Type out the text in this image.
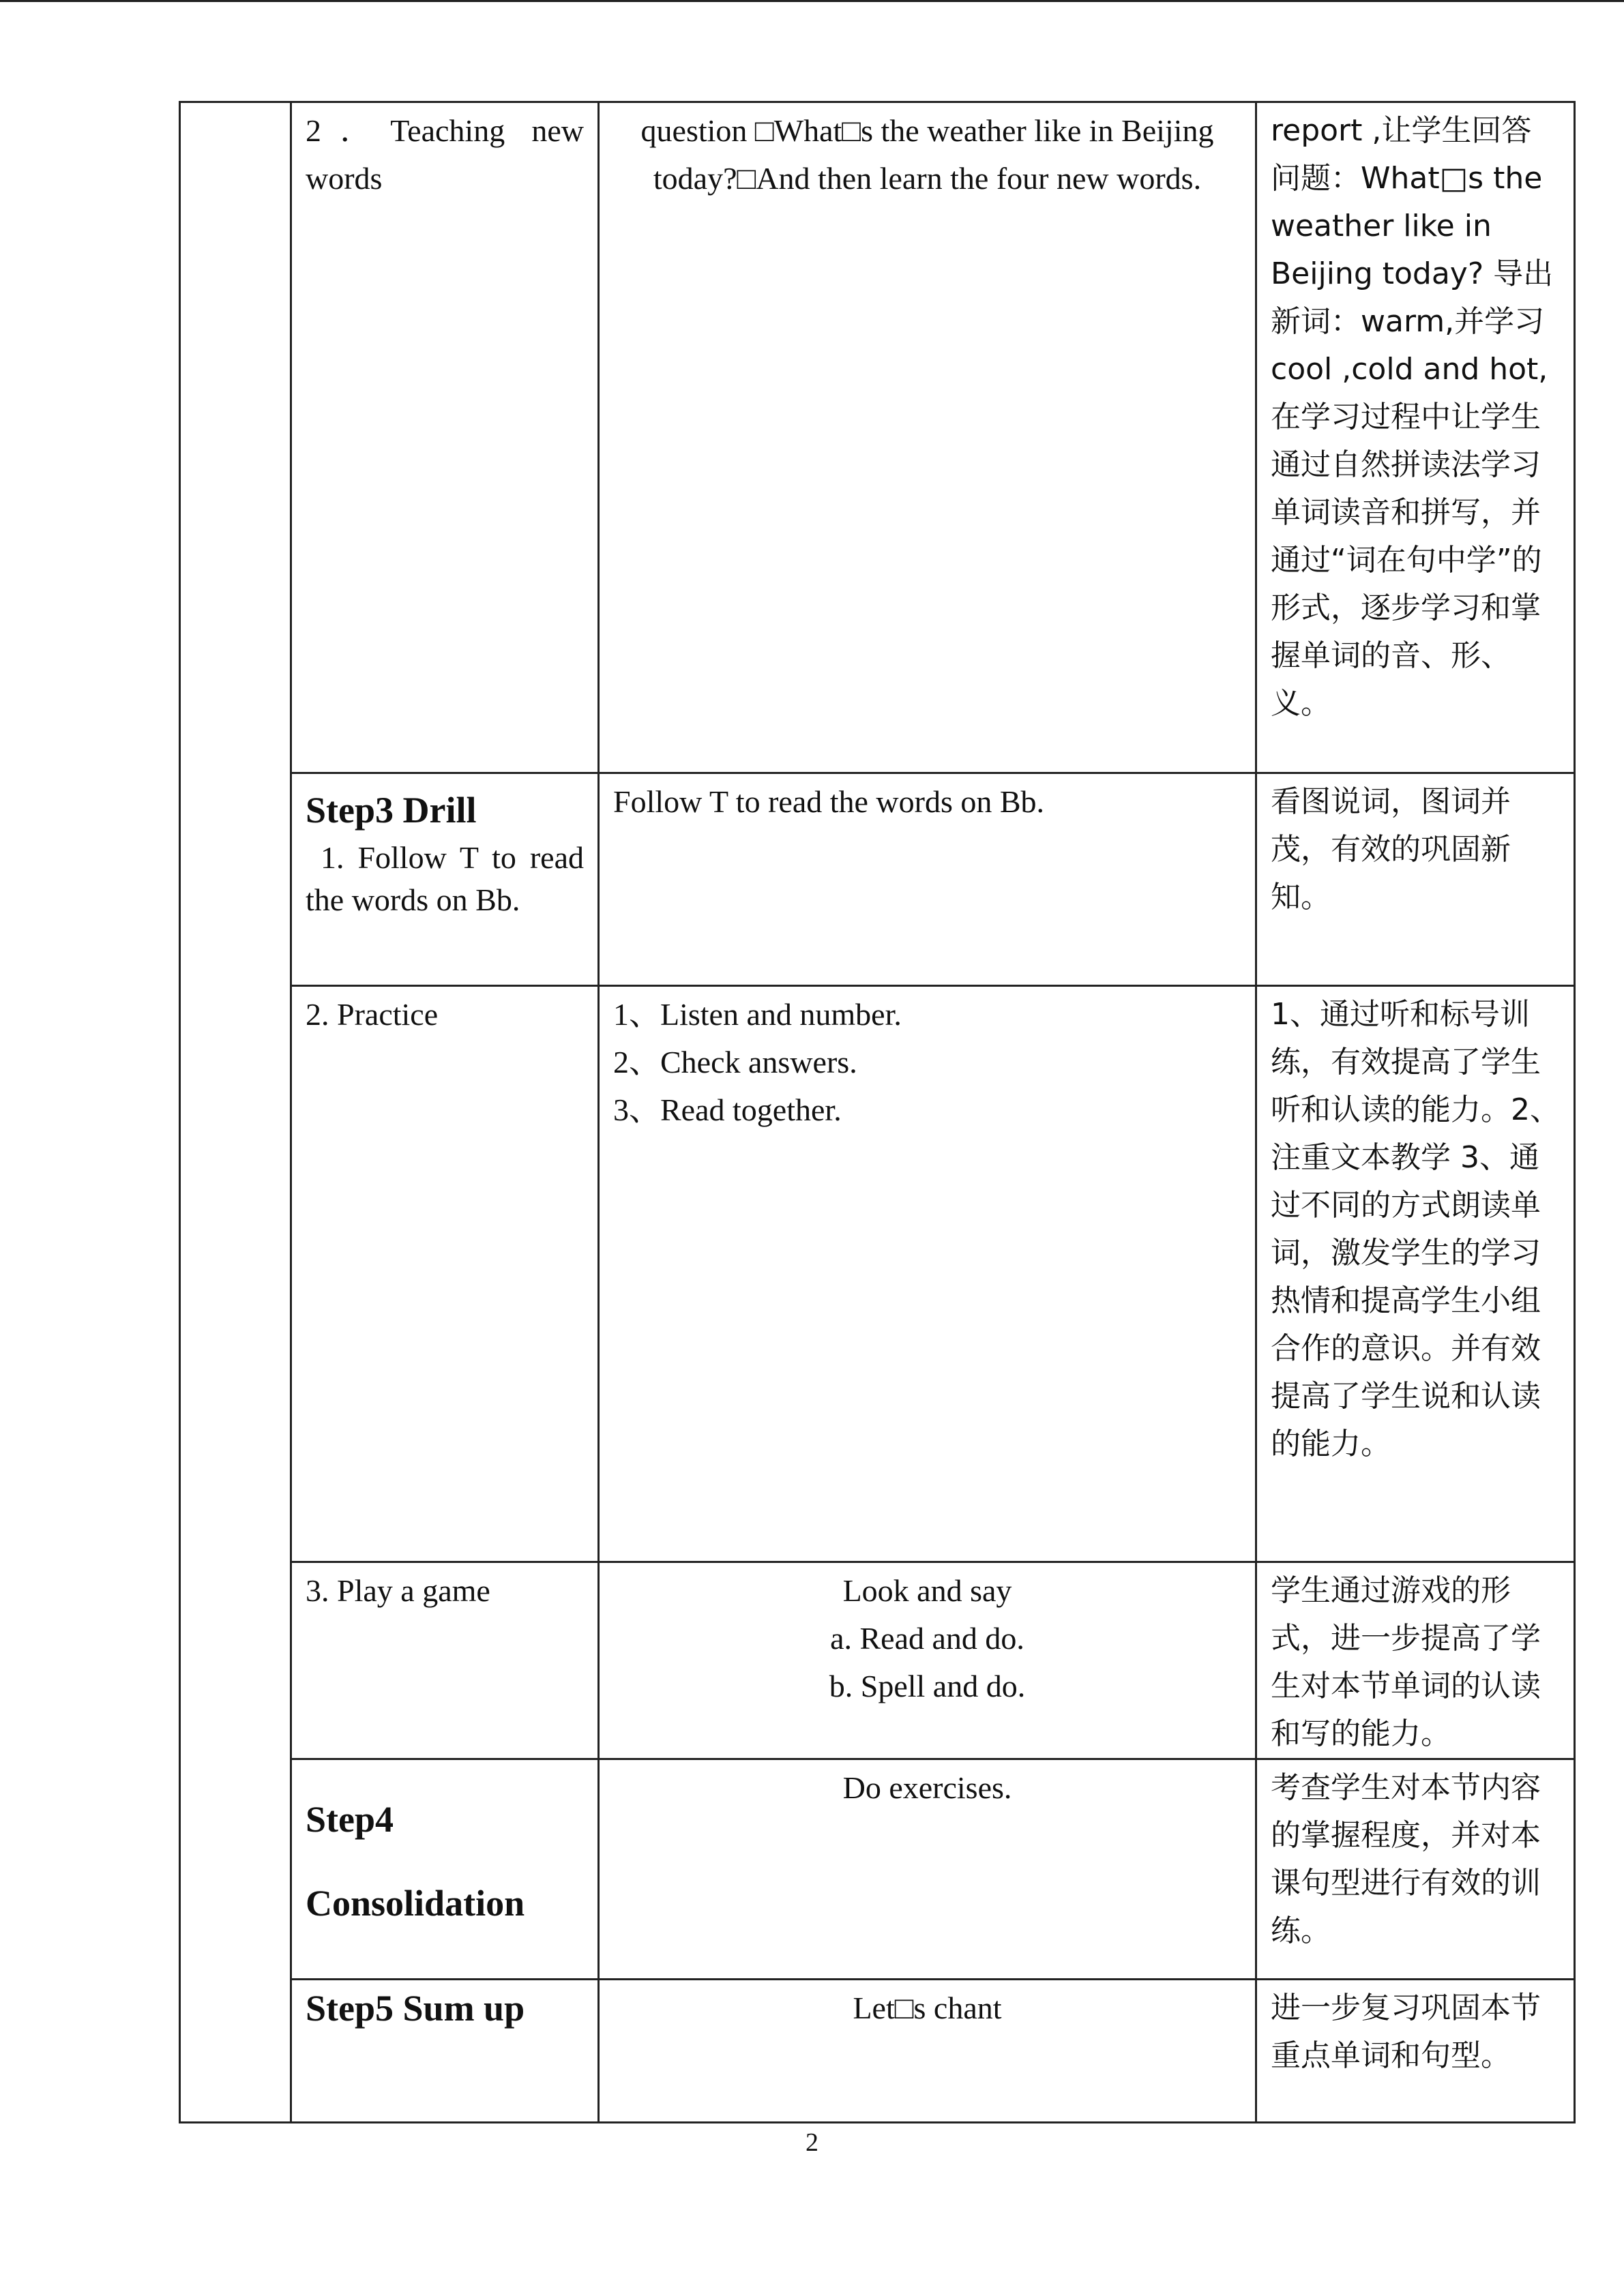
	2．Teaching new words	question □What□s the weather like in Beijing today?□And then learn the four new words.	report ,让学生回答问题：What□s the weather like in Beijing today? 导出新词：warm,并学习 cool ,cold and hot,在学习过程中让学生通过自然拼读法学习单词读音和拼写，并通过“词在句中学”的形式，逐步学习和掌握单词的音、形、义。

	Step3 Drill
1. Follow T to read the words on Bb.	Follow T to read the words on Bb.	看图说词，图词并茂，有效的巩固新知。

	2. Practice	1、Listen and number.
2、Check answers.
3、Read together.	1、通过听和标号训练，有效提高了学生听和认读的能力。2、注重文本教学 3、通过不同的方式朗读单词，激发学生的学习热情和提高学生小组合作的意识。并有效提高了学生说和认读的能力。

	3. Play a game	Look and say
a. Read and do.
b. Spell and do.	学生通过游戏的形式，进一步提高了学生对本节单词的认读和写的能力。

	Step4
Consolidation	Do exercises.	考查学生对本节内容的掌握程度，并对本课句型进行有效的训练。

	Step5 Sum up	Let□s chant	进一步复习巩固本节重点单词和句型。
2
